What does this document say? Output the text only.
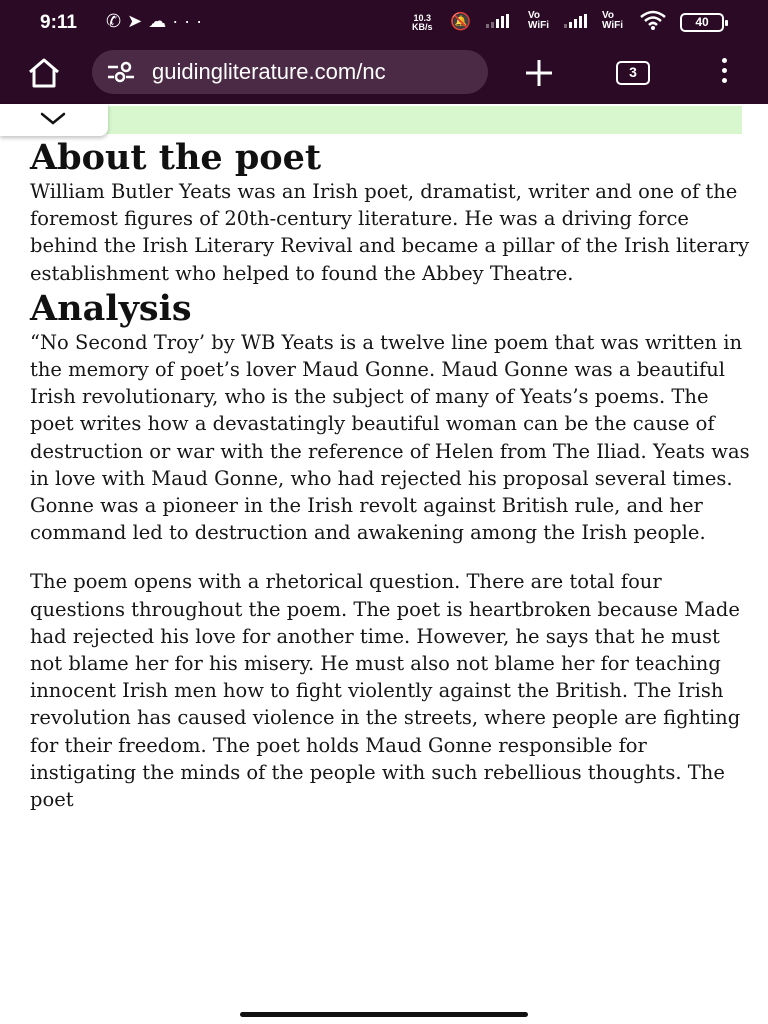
9:11 ✆➤☁···	10.3
KB/s 🔕	Vo
WiFi
Vo
WiFi	40
guidingliterature.com/nc	3
About the poet

William Butler Yeats was an Irish poet, dramatist, writer and one of the foremost figures of 20th-century literature. He was a driving force behind the Irish Literary Revival and became a pillar of the Irish literary establishment who helped to found the Abbey Theatre.

Analysis

“No Second Troy’ by WB Yeats is a twelve line poem that was written in the memory of poet’s lover Maud Gonne. Maud Gonne was a beautiful Irish revolutionary, who is the subject of many of Yeats’s poems. The poet writes how a devastatingly beautiful woman can be the cause of destruction or war with the reference of Helen from The Iliad. Yeats was in love with Maud Gonne, who had rejected his proposal several times. Gonne was a pioneer in the Irish revolt against British rule, and her command led to destruction and awakening among the Irish people.

The poem opens with a rhetorical question. There are total four questions throughout the poem. The poet is heartbroken because Made had rejected his love for another time. However, he says that he must not blame her for his misery. He must also not blame her for teaching innocent Irish men how to fight violently against the British. The Irish revolution has caused violence in the streets, where people are fighting for their freedom. The poet holds Maud Gonne responsible for instigating the minds of the people with such rebellious thoughts. The poet
